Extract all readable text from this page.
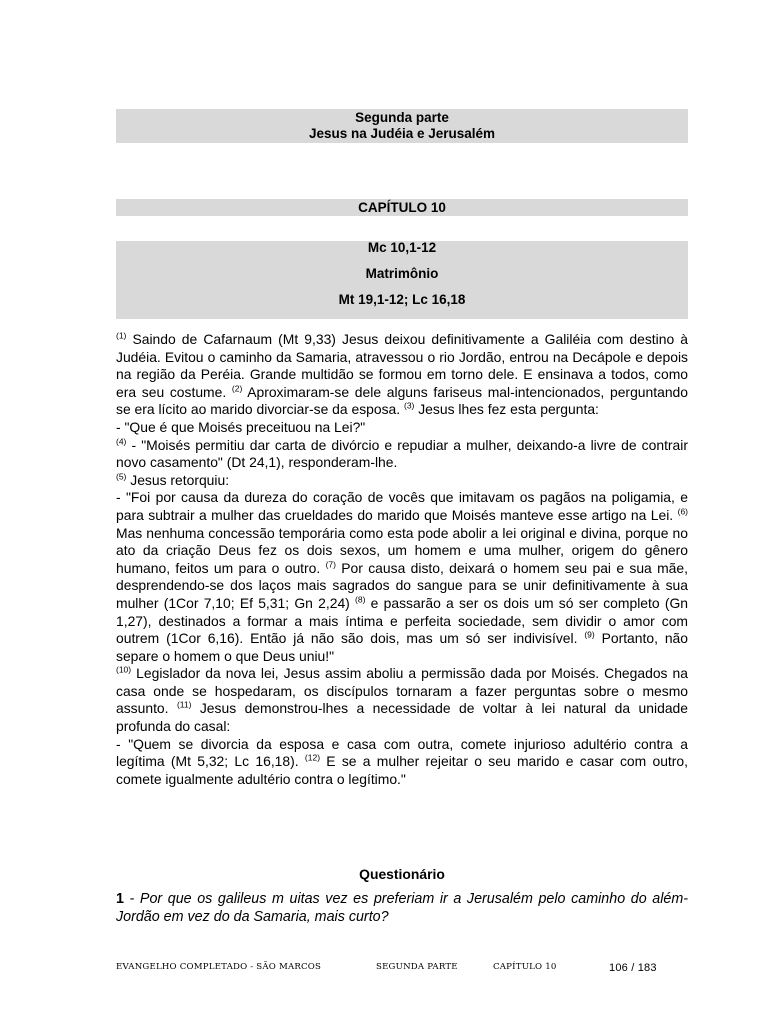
Segunda parte
Jesus na Judéia e Jerusalém
CAPÍTULO 10
Mc 10,1-12
Matrimônio
Mt 19,1-12; Lc 16,18

$^{(1)}$ Saindo de Cafarnaum (Mt 9,33) Jesus deixou definitivamente a Galiléia com destino à Judéia. Evitou o caminho da Samaria, atravessou o rio Jordão, entrou na Decápole e depois na região da Peréia. Grande multidão se formou em torno dele. E ensinava a todos, como era seu costume. $^{(2)}$ Aproximaram-se dele alguns fariseus mal-intencionados, perguntando se era lícito ao marido divorciar-se da esposa. $^{(3)}$ Jesus lhes fez esta pergunta:

- "Que é que Moisés preceituou na Lei?"

$^{(4)}$ - "Moisés permitiu dar carta de divórcio e repudiar a mulher, deixando-a livre de contrair novo casamento" (Dt 24,1), responderam-lhe.

$^{(5)}$ Jesus retorquiu:

- "Foi por causa da dureza do coração de vocês que imitavam os pagãos na poligamia, e para subtrair a mulher das crueldades do marido que Moisés manteve esse artigo na Lei. $^{(6)}$ Mas nenhuma concessão temporária como esta pode abolir a lei original e divina, porque no ato da criação Deus fez os dois sexos, um homem e uma mulher, origem do gênero humano, feitos um para o outro. $^{(7)}$ Por causa disto, deixará o homem seu pai e sua mãe, desprendendo-se dos laços mais sagrados do sangue para se unir definitivamente à sua mulher (1Cor 7,10; Ef 5,31; Gn 2,24) $^{(8)}$ e passarão a ser os dois um só ser completo (Gn 1,27), destinados a formar a mais íntima e perfeita sociedade, sem dividir o amor com outrem (1Cor 6,16). Então já não são dois, mas um só ser indivisível. $^{(9)}$ Portanto, não separe o homem o que Deus uniu!"

$^{(10)}$ Legislador da nova lei, Jesus assim aboliu a permissão dada por Moisés. Chegados na casa onde se hospedaram, os discípulos tornaram a fazer perguntas sobre o mesmo assunto. $^{(11)}$ Jesus demonstrou-lhes a necessidade de voltar à lei natural da unidade profunda do casal:

- "Quem se divorcia da esposa e casa com outra, comete injurioso adultério contra a legítima (Mt 5,32; Lc 16,18). $^{(12)}$ E se a mulher rejeitar o seu marido e casar com outro, comete igualmente adultério contra o legítimo."

Questionário
1 - Por que os galileus m uitas vez es preferiam ir a Jerusalém pelo caminho do além-Jordão em vez do da Samaria, mais curto?
EVANGELHO COMPLETADO - SÃO MARCOS	SEGUNDA PARTE	CAPÍTULO 10	106 / 183
